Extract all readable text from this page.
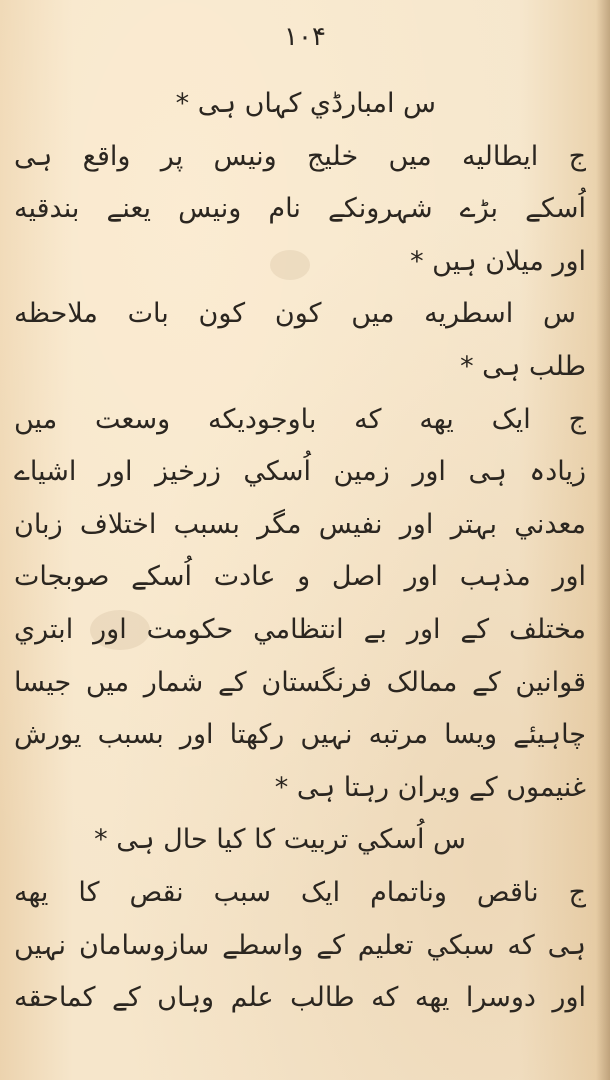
۱۰۴
س امبارڈي کہاں ہى *
ج ايطاليه ميں خليج ونيس پر واقع ہى
اُسکے بڑے شہرونکے نام ونيس يعنے بندقيه
اور ميلان ہيں *
س اسطريه ميں کون کون بات ملاحظه
طلب ہى *
ج ايک يهه که باوجوديکه وسعت ميں
زيادہ ہى اور زمين اُسکي زرخيز اور اشياے
معدني بہتر اور نفيس مگر بسبب اختلاف زبان
اور مذہب اور اصل و عادت اُسکے صوبجات
مختلف کے اور بے انتظامي حکومت اور ابتري
قوانين کے ممالک فرنگستان کے شمار ميں جيسا
چاہيئے ويسا مرتبه نہيں رکھتا اور بسبب يورش
غنيموں کے ويران رہتا ہى *
س اُسکي تربيت کا کيا حال ہى *
ج ناقص وناتمام ايک سبب نقص کا يهه
ہى که سبکي تعليم کے واسطے سازوسامان نہيں
اور دوسرا يهه که طالب علم وہاں کے کماحقه
